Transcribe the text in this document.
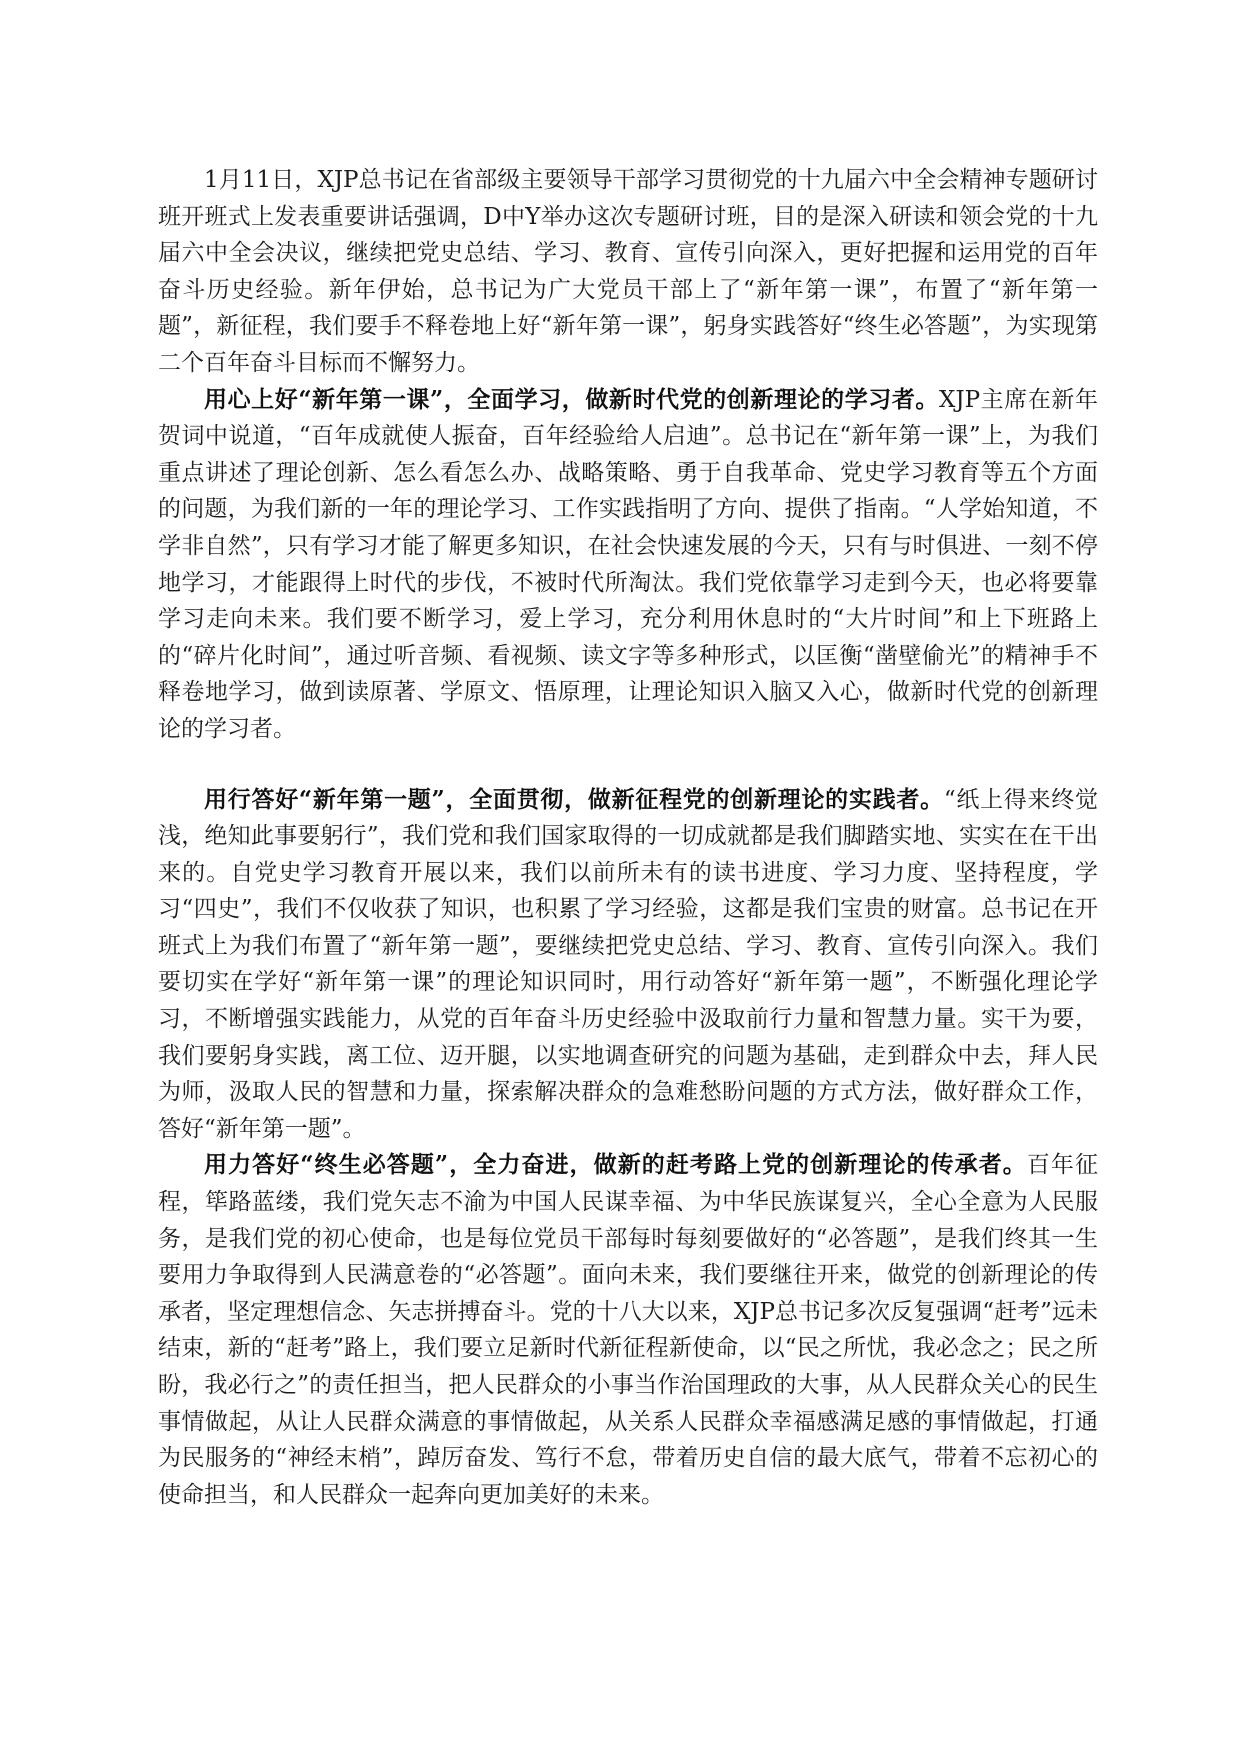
1月11日，XJP总书记在省部级主要领导干部学习贯彻党的十九届六中全会精神专题研讨班开班式上发表重要讲话强调，D中Y举办这次专题研讨班，目的是深入研读和领会党的十九届六中全会决议，继续把党史总结、学习、教育、宣传引向深入，更好把握和运用党的百年奋斗历史经验。新年伊始，总书记为广大党员干部上了“新年第一课”，布置了“新年第一题”，新征程，我们要手不释卷地上好“新年第一课”，躬身实践答好“终生必答题”，为实现第二个百年奋斗目标而不懈努力。

用心上好“新年第一课”，全面学习，做新时代党的创新理论的学习者。XJP主席在新年贺词中说道，“百年成就使人振奋，百年经验给人启迪”。总书记在“新年第一课”上，为我们重点讲述了理论创新、怎么看怎么办、战略策略、勇于自我革命、党史学习教育等五个方面的问题，为我们新的一年的理论学习、工作实践指明了方向、提供了指南。“人学始知道，不学非自然”，只有学习才能了解更多知识，在社会快速发展的今天，只有与时俱进、一刻不停地学习，才能跟得上时代的步伐，不被时代所淘汰。我们党依靠学习走到今天，也必将要靠学习走向未来。我们要不断学习，爱上学习，充分利用休息时的“大片时间”和上下班路上的“碎片化时间”，通过听音频、看视频、读文字等多种形式，以匡衡“凿壁偷光”的精神手不释卷地学习，做到读原著、学原文、悟原理，让理论知识入脑又入心，做新时代党的创新理论的学习者。

用行答好“新年第一题”，全面贯彻，做新征程党的创新理论的实践者。“纸上得来终觉浅，绝知此事要躬行”，我们党和我们国家取得的一切成就都是我们脚踏实地、实实在在干出来的。自党史学习教育开展以来，我们以前所未有的读书进度、学习力度、坚持程度，学习“四史”，我们不仅收获了知识，也积累了学习经验，这都是我们宝贵的财富。总书记在开班式上为我们布置了“新年第一题”，要继续把党史总结、学习、教育、宣传引向深入。我们要切实在学好“新年第一课”的理论知识同时，用行动答好“新年第一题”，不断强化理论学习，不断增强实践能力，从党的百年奋斗历史经验中汲取前行力量和智慧力量。实干为要，我们要躬身实践，离工位、迈开腿，以实地调查研究的问题为基础，走到群众中去，拜人民为师，汲取人民的智慧和力量，探索解决群众的急难愁盼问题的方式方法，做好群众工作，答好“新年第一题”。

用力答好“终生必答题”，全力奋进，做新的赶考路上党的创新理论的传承者。百年征程，筚路蓝缕，我们党矢志不渝为中国人民谋幸福、为中华民族谋复兴，全心全意为人民服务，是我们党的初心使命，也是每位党员干部每时每刻要做好的“必答题”，是我们终其一生要用力争取得到人民满意卷的“必答题”。面向未来，我们要继往开来，做党的创新理论的传承者，坚定理想信念、矢志拼搏奋斗。党的十八大以来，XJP总书记多次反复强调“赶考”远未结束，新的“赶考”路上，我们要立足新时代新征程新使命，以“民之所忧，我必念之；民之所盼，我必行之”的责任担当，把人民群众的小事当作治国理政的大事，从人民群众关心的民生事情做起，从让人民群众满意的事情做起，从关系人民群众幸福感满足感的事情做起，打通为民服务的“神经末梢”，踔厉奋发、笃行不怠，带着历史自信的最大底气，带着不忘初心的使命担当，和人民群众一起奔向更加美好的未来。
